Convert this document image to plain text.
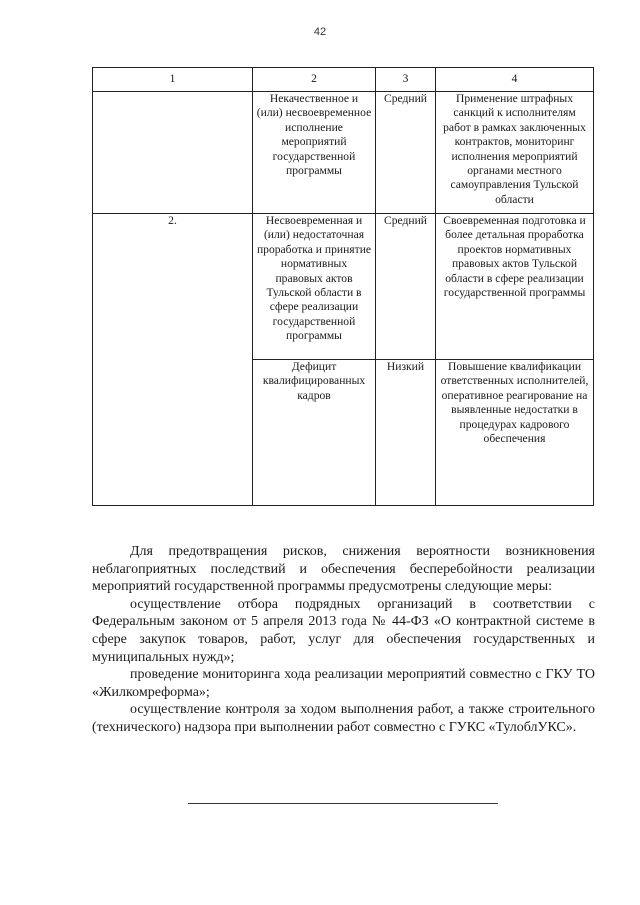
42
1	2	3	4
	Некачественное и (или) несвоевременное исполнение мероприятий государственной программы	Средний	Применение штрафных санкций к исполнителям работ в рамках заключенных контрактов, мониторинг исполнения мероприятий органами местного самоуправления Тульской области
2.	Несвоевременная и (или) недостаточная проработка и принятие нормативных правовых актов Тульской области в сфере реализации государственной программы	Средний	Своевременная подготовка и более детальная проработка проектов нормативных правовых актов Тульской области в сфере реализации государственной программы
	Дефицит квалифицированных кадров	Низкий	Повышение квалификации ответственных исполнителей, оперативное реагирование на выявленные недостатки в процедурах кадрового обеспечения

Для предотвращения рисков, снижения вероятности возникновения неблагоприятных последствий и обеспечения бесперебойности реализации мероприятий государственной программы предусмотрены следующие меры:

осуществление отбора подрядных организаций в соответствии с Федеральным законом от 5 апреля 2013 года № 44-ФЗ «О контрактной системе в сфере закупок товаров, работ, услуг для обеспечения государственных и муниципальных нужд»;

проведение мониторинга хода реализации мероприятий совместно с ГКУ ТО «Жилкомреформа»;

осуществление контроля за ходом выполнения работ, а также строительного (технического) надзора при выполнении работ совместно с ГУКС «ТулоблУКС».
